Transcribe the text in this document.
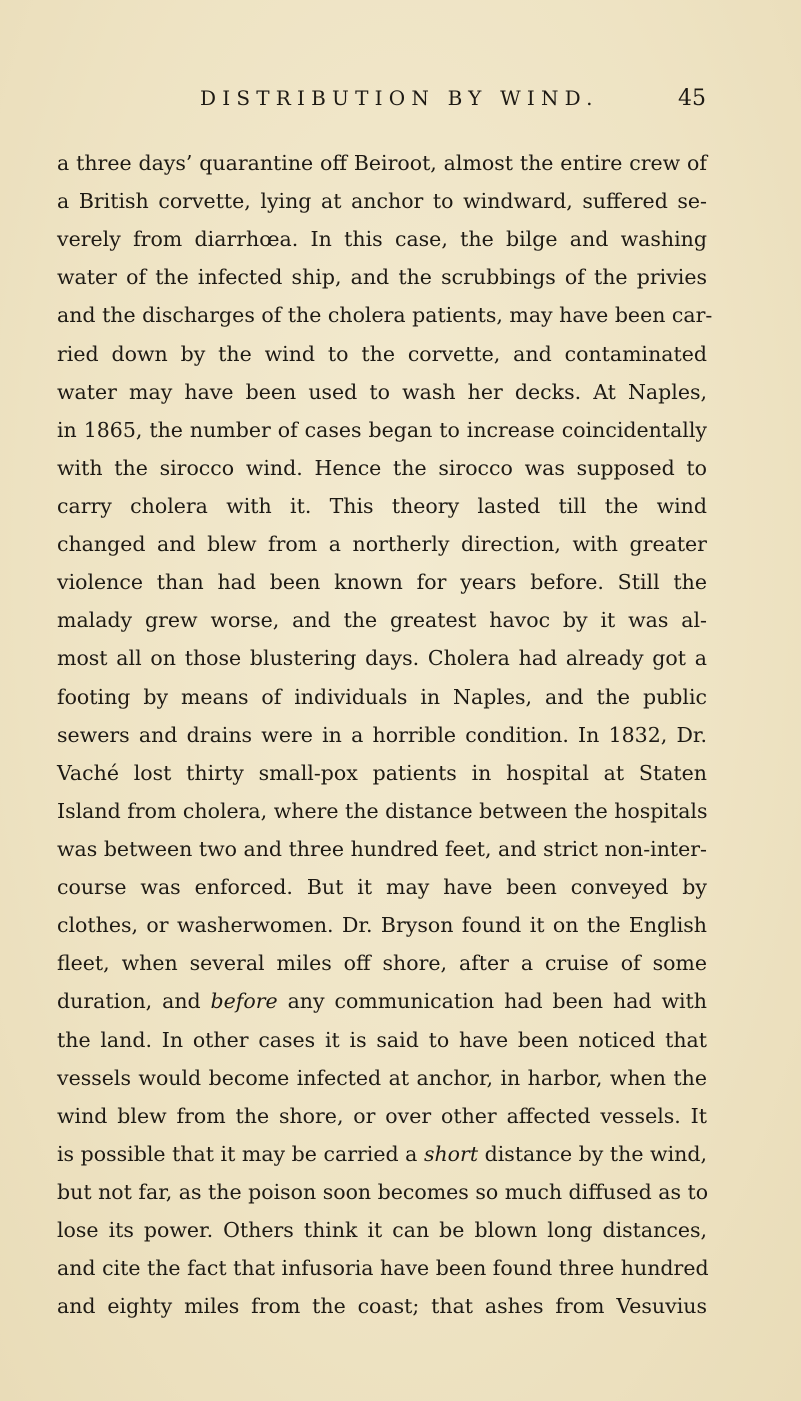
DISTRIBUTION BY WIND.	45
a three days’ quarantine off Beiroot, almost the entire crew of
a British corvette, lying at anchor to windward, suffered se-
verely from diarrhœa. In this case, the bilge and washing
water of the infected ship, and the scrubbings of the privies
and the discharges of the cholera patients, may have been car-
ried down by the wind to the corvette, and contaminated
water may have been used to wash her decks. At Naples,
in 1865, the number of cases began to increase coincidentally
with the sirocco wind. Hence the sirocco was supposed to
carry cholera with it. This theory lasted till the wind
changed and blew from a northerly direction, with greater
violence than had been known for years before. Still the
malady grew worse, and the greatest havoc by it was al-
most all on those blustering days. Cholera had already got a
footing by means of individuals in Naples, and the public
sewers and drains were in a horrible condition. In 1832, Dr.
Vaché lost thirty small-pox patients in hospital at Staten
Island from cholera, where the distance between the hospitals
was between two and three hundred feet, and strict non-inter-
course was enforced. But it may have been conveyed by
clothes, or washerwomen. Dr. Bryson found it on the English
fleet, when several miles off shore, after a cruise of some
duration, and before any communication had been had with
the land. In other cases it is said to have been noticed that
vessels would become infected at anchor, in harbor, when the
wind blew from the shore, or over other affected vessels. It
is possible that it may be carried a short distance by the wind,
but not far, as the poison soon becomes so much diffused as to
lose its power. Others think it can be blown long distances,
and cite the fact that infusoria have been found three hundred
and eighty miles from the coast; that ashes from Vesuvius
